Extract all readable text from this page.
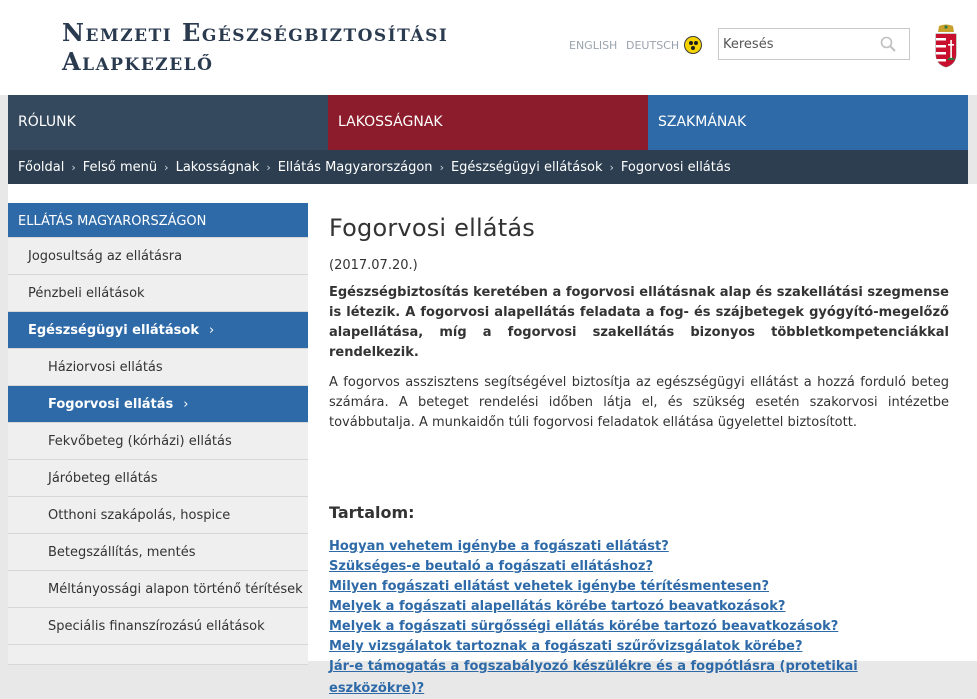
Nemzeti Egészségbiztosítási
Alapkezelő
ENGLISH DEUTSCH
Keresés
RÓLUNK	LAKOSSÁGNAK	SZAKMÁNAK
Főoldal › Felső menü › Lakosságnak › Ellátás Magyarországon › Egészségügyi ellátások › Fogorvosi ellátás
ELLÁTÁS MAGYARORSZÁGON
Jogosultság az ellátásra
Pénzbeli ellátások
Egészségügyi ellátások ›
Háziorvosi ellátás
Fogorvosi ellátás ›
Fekvőbeteg (kórházi) ellátás
Járóbeteg ellátás
Otthoni szakápolás, hospice
Betegszállítás, mentés
Méltányossági alapon történő térítések
Speciális finanszírozású ellátások
Fogorvosi ellátás
(2017.07.20.)

Egészségbiztosítás keretében a fogorvosi ellátásnak alap és szakellátási szegmense is létezik. A fogorvosi alapellátás feladata a fog- és szájbetegek gyógyító-megelőző alapellátása, míg a fogorvosi szakellátás bizonyos többletkompetenciákkal rendelkezik.

A fogorvos asszisztens segítségével biztosítja az egészségügyi ellátást a hozzá forduló beteg számára. A beteget rendelési időben látja el, és szükség esetén szakorvosi intézetbe továbbutalja. A munkaidőn túli fogorvosi feladatok ellátása ügyelettel biztosított.

Tartalom:
Hogyan vehetem igénybe a fogászati ellátást?
Szükséges-e beutaló a fogászati ellátáshoz?
Milyen fogászati ellátást vehetek igénybe térítésmentesen?
Melyek a fogászati alapellátás körébe tartozó beavatkozások?
Melyek a fogászati sürgősségi ellátás körébe tartozó beavatkozások?
Mely vizsgálatok tartoznak a fogászati szűrővizsgálatok körébe?
Jár-e támogatás a fogszabályozó készülékre és a fogpótlásra (protetikai eszközökre)?
